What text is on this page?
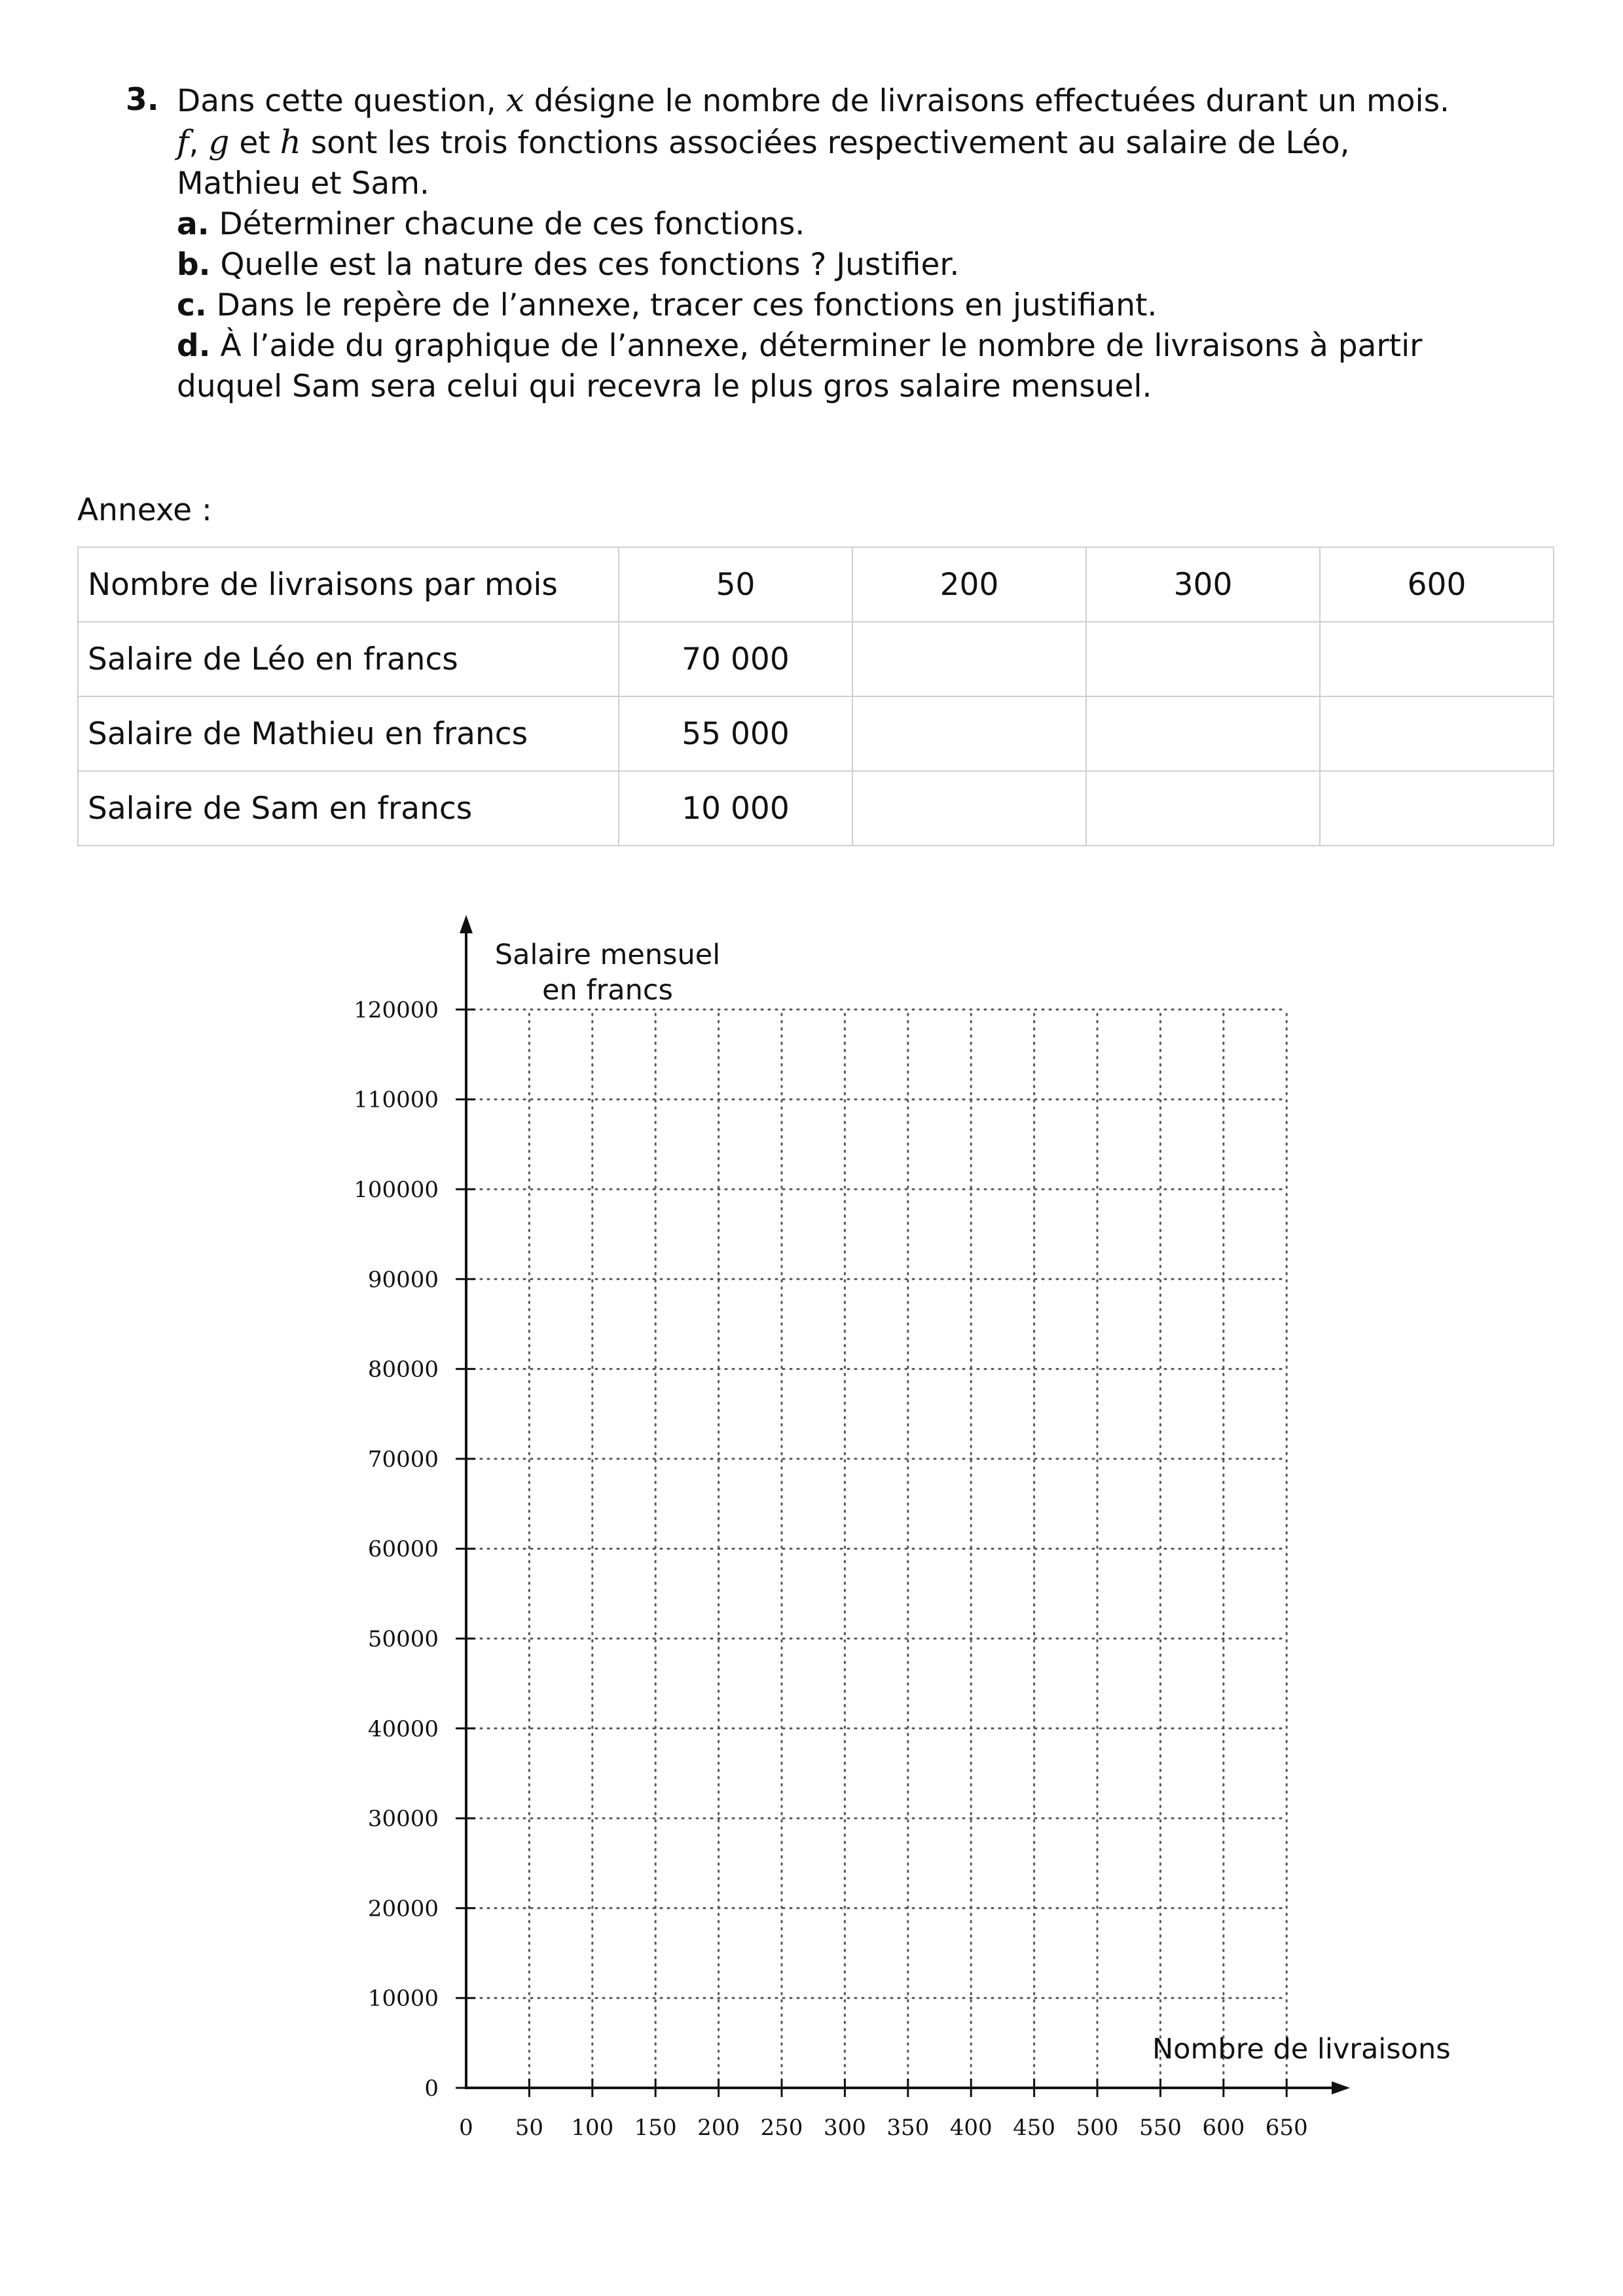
3. Dans cette question, x désigne le nombre de livraisons effectuées durant un mois.
f, g et h sont les trois fonctions associées respectivement au salaire de Léo,
Mathieu et Sam.
a. Déterminer chacune de ces fonctions.
b. Quelle est la nature des ces fonctions ? Justifier.
c. Dans le repère de l’annexe, tracer ces fonctions en justifiant.
d. À l’aide du graphique de l’annexe, déterminer le nombre de livraisons à partir
duquel Sam sera celui qui recevra le plus gros salaire mensuel.
Annexe :
Nombre de livraisons par mois	50	200	300	600
Salaire de Léo en francs	70 000			
Salaire de Mathieu en francs	55 000			
Salaire de Sam en francs	10 000			
0 50 100 150 200 250 300 350 400 450 500 550 600 650
0
10000
20000
30000
40000
50000
60000
70000
80000
90000
100000
110000
120000
Salaire mensuel
en francs
Nombre de livraisons
